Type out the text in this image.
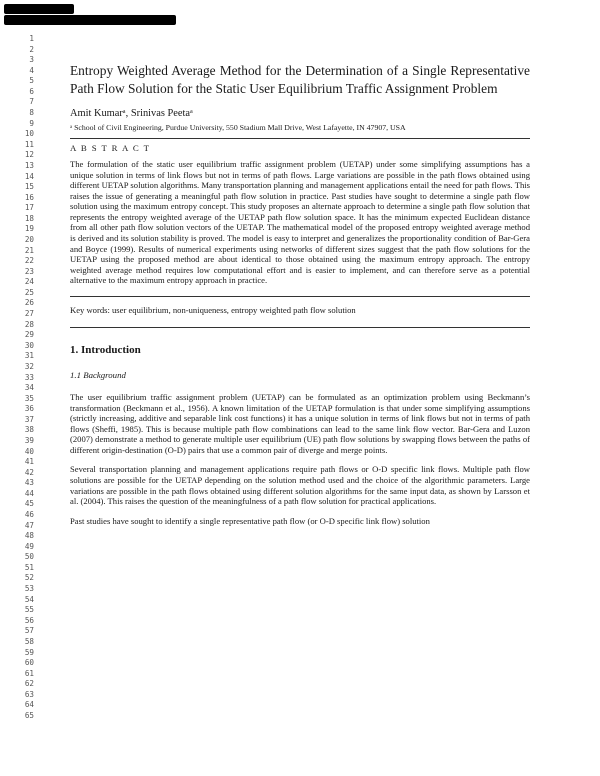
1
2
3
4
5
6
7
8
9
10
11
12
13
14
15
16
17
18
19
20
21
22
23
24
25
26
27
28
29
30
31
32
33
34
35
36
37
38
39
40
41
42
43
44
45
46
47
48
49
50
51
52
53
54
55
56
57
58
59
60
61
62
63
64
65
Entropy Weighted Average Method for the Determination of a Single Representative Path Flow Solution for the Static User Equilibrium Traffic Assignment Problem
Amit Kumarᵃ, Srinivas Peetaᵃ
ᵃ School of Civil Engineering, Purdue University, 550 Stadium Mall Drive, West Lafayette, IN 47907, USA
A B S T R A C T

The formulation of the static user equilibrium traffic assignment problem (UETAP) under some simplifying assumptions has a unique solution in terms of link flows but not in terms of path flows. Large variations are possible in the path flows obtained using different UETAP solution algorithms. Many transportation planning and management applications entail the need for path flows. This raises the issue of generating a meaningful path flow solution in practice. Past studies have sought to determine a single path flow solution using the maximum entropy concept. This study proposes an alternate approach to determine a single path flow solution that represents the entropy weighted average of the UETAP path flow solution space. It has the minimum expected Euclidean distance from all other path flow solution vectors of the UETAP. The mathematical model of the proposed entropy weighted average method is derived and its solution stability is proved. The model is easy to interpret and generalizes the proportionality condition of Bar-Gera and Boyce (1999). Results of numerical experiments using networks of different sizes suggest that the path flow solutions for the UETAP using the proposed method are about identical to those obtained using the maximum entropy approach. The entropy weighted average method requires low computational effort and is easier to implement, and can therefore serve as a potential alternative to the maximum entropy approach in practice.

Key words: user equilibrium, non-uniqueness, entropy weighted path flow solution
1. Introduction
1.1 Background

The user equilibrium traffic assignment problem (UETAP) can be formulated as an optimization problem using Beckmann’s transformation (Beckmann et al., 1956). A known limitation of the UETAP formulation is that under some simplifying assumptions (strictly increasing, additive and separable link cost functions) it has a unique solution in terms of link flows but not in terms of path flows (Sheffi, 1985). This is because multiple path flow combinations can lead to the same link flow vector. Bar-Gera and Luzon (2007) demonstrate a method to generate multiple user equilibrium (UE) path flow solutions by swapping flows between the paths of different origin-destination (O-D) pairs that use a common pair of diverge and merge points.

Several transportation planning and management applications require path flows or O-D specific link flows. Multiple path flow solutions are possible for the UETAP depending on the solution method used and the choice of the algorithmic parameters. Large variations are possible in the path flows obtained using different solution algorithms for the same input data, as shown by Larsson et al. (2004). This raises the question of the meaningfulness of a path flow solution for practical applications.

Past studies have sought to identify a single representative path flow (or O-D specific link flow) solution
